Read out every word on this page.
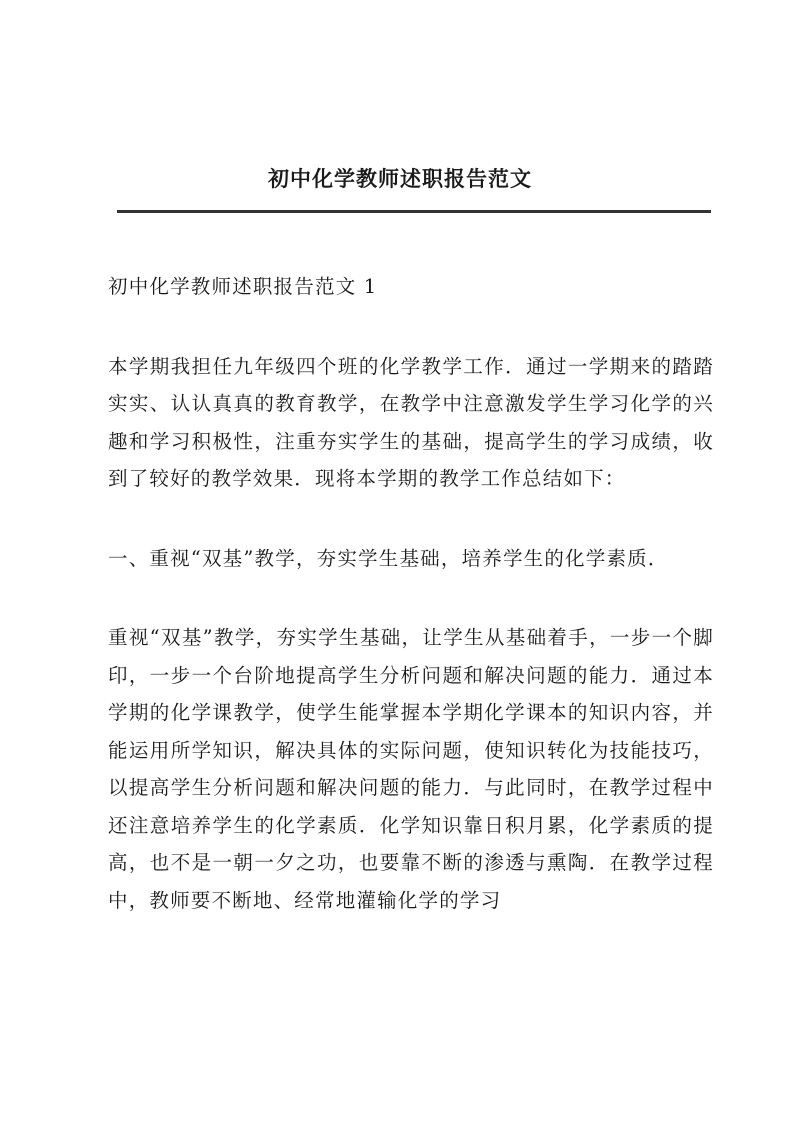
初中化学教师述职报告范文

初中化学教师述职报告范文 1

本学期我担任九年级四个班的化学教学工作．通过一学期来的踏踏实实、认认真真的教育教学，在教学中注意激发学生学习化学的兴趣和学习积极性，注重夯实学生的基础，提高学生的学习成绩，收到了较好的教学效果．现将本学期的教学工作总结如下：

一、重视“双基”教学，夯实学生基础，培养学生的化学素质．

重视“双基”教学，夯实学生基础，让学生从基础着手，一步一个脚印，一步一个台阶地提高学生分析问题和解决问题的能力．通过本学期的化学课教学，使学生能掌握本学期化学课本的知识内容，并能运用所学知识，解决具体的实际问题，使知识转化为技能技巧，以提高学生分析问题和解决问题的能力．与此同时，在教学过程中还注意培养学生的化学素质．化学知识靠日积月累，化学素质的提高，也不是一朝一夕之功，也要靠不断的渗透与熏陶．在教学过程中，教师要不断地、经常地灌输化学的学习
